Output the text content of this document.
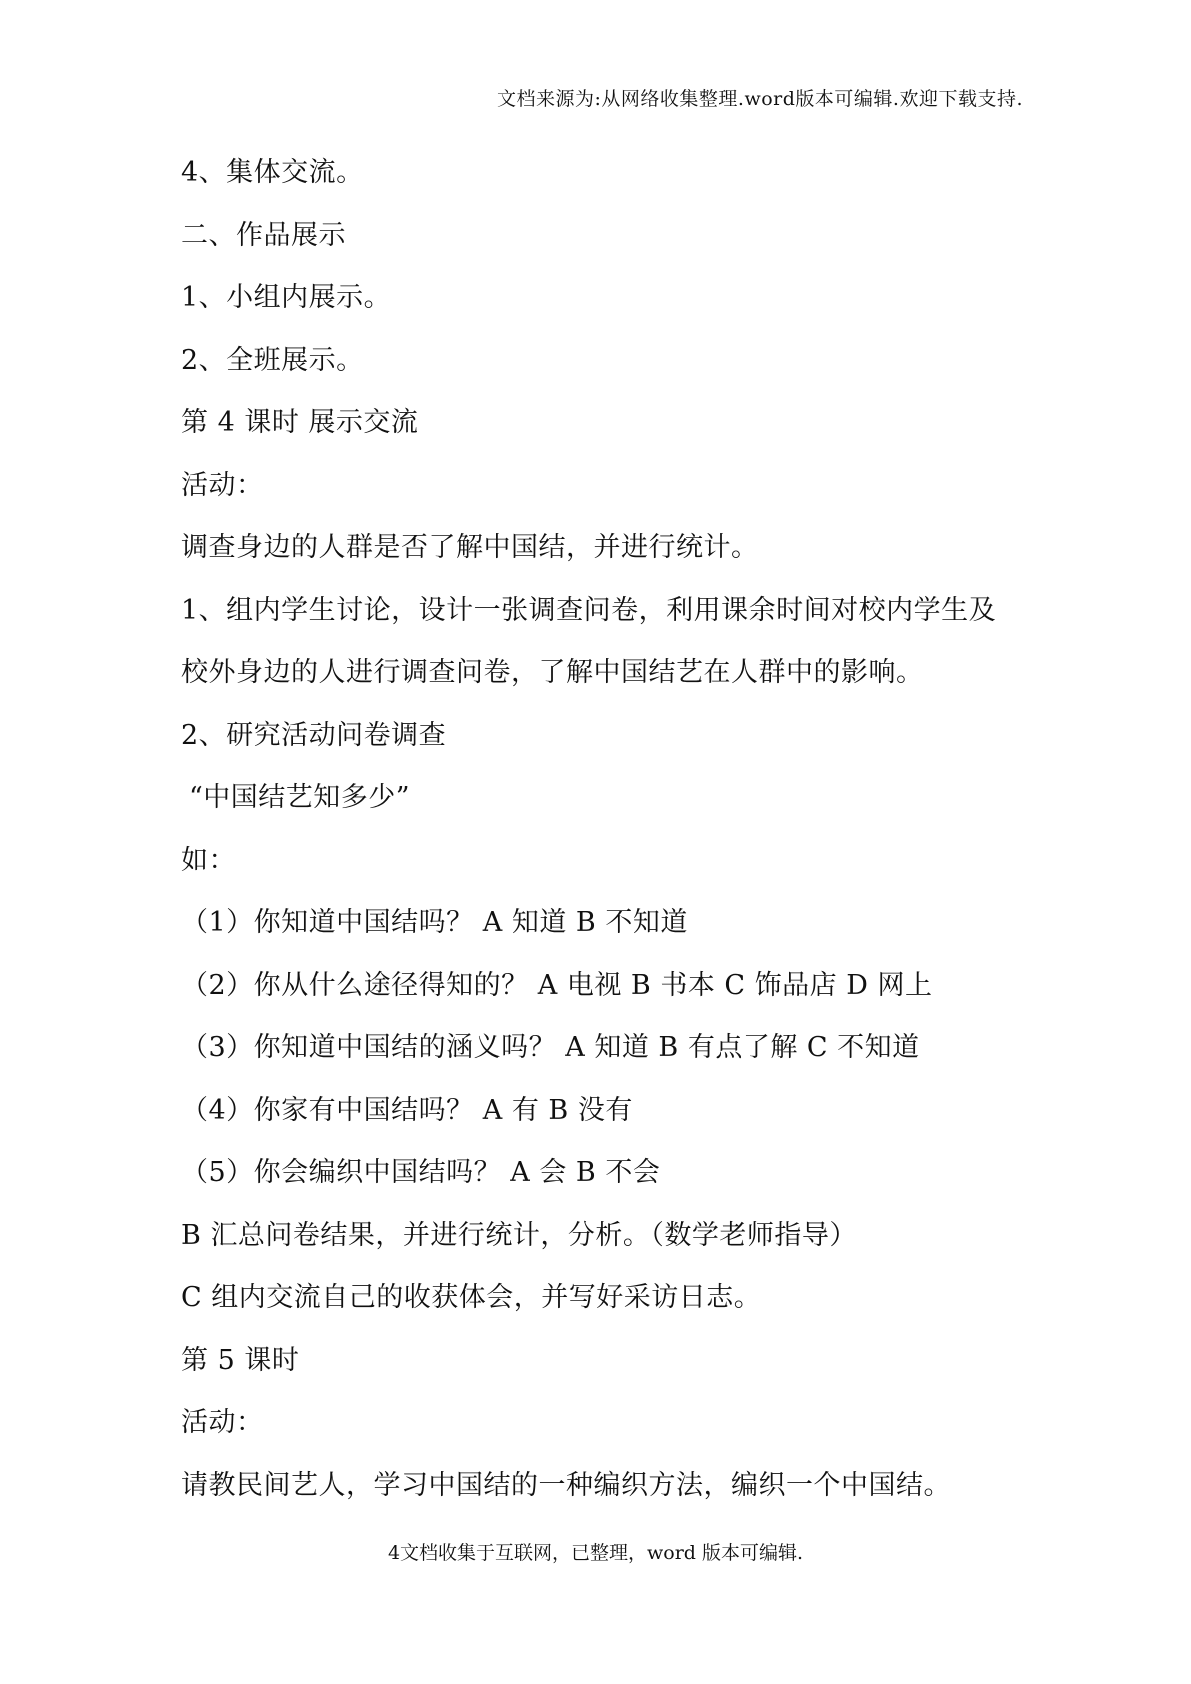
文档来源为:从网络收集整理.word版本可编辑.欢迎下载支持.
4、集体交流。
二、作品展示
1、小组内展示。
2、全班展示。
第 4 课时 展示交流
活动：
调查身边的人群是否了解中国结，并进行统计。
1、组内学生讨论，设计一张调查问卷，利用课余时间对校内学生及
校外身边的人进行调查问卷，了解中国结艺在人群中的影响。
2、研究活动问卷调查
“中国结艺知多少”
如：
（1）你知道中国结吗？ A 知道 B 不知道
（2）你从什么途径得知的？ A 电视 B 书本 C 饰品店 D 网上
（3）你知道中国结的涵义吗？ A 知道 B 有点了解 C 不知道
（4）你家有中国结吗？ A 有 B 没有
（5）你会编织中国结吗？ A 会 B 不会
B 汇总问卷结果，并进行统计，分析。（数学老师指导）
C 组内交流自己的收获体会，并写好采访日志。
第 5 课时
活动：
请教民间艺人，学习中国结的一种编织方法，编织一个中国结。
4文档收集于互联网，已整理，word 版本可编辑.
